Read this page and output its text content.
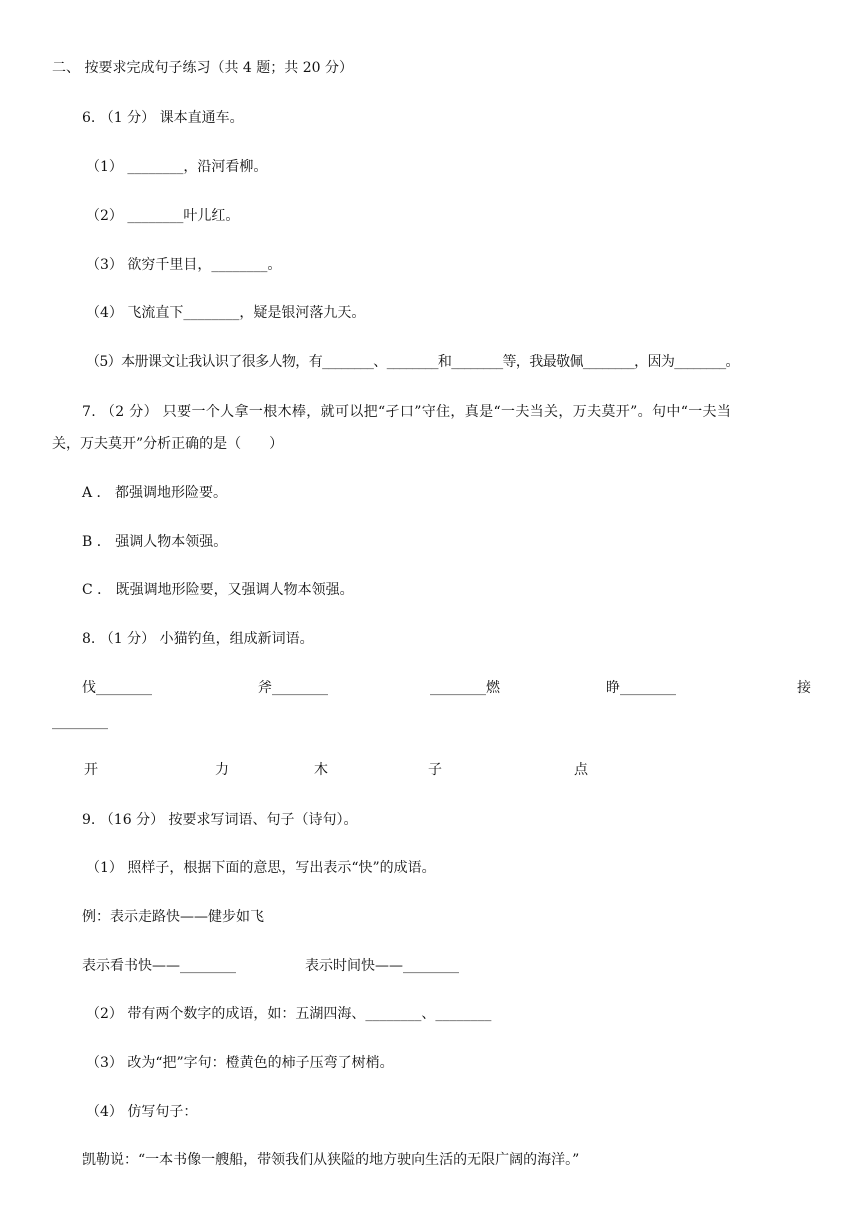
二、 按要求完成句子练习（共 4 题；共 20 分）
6. （1 分） 课本直通车。
（1） ________，沿河看柳。
（2） ________叶儿红。
（3） 欲穷千里目，________。
（4） 飞流直下________，疑是银河落九天。
（5）本册课文让我认识了很多人物，有________、________和________等，我最敬佩________，因为________。
7. （2 分） 只要一个人拿一根木棒，就可以把“孑口”守住，真是“一夫当关，万夫莫开”。句中“一夫当
关，万夫莫开”分析正确的是（　　）
A ． 都强调地形险要。
B ． 强调人物本领强。
C ． 既强调地形险要，又强调人物本领强。
8. （1 分） 小猫钓鱼，组成新词语。
伐________	斧________	________燃	睁________	接
________
开	力	木	子	点
9. （16 分） 按要求写词语、句子（诗句）。
（1） 照样子，根据下面的意思，写出表示“快”的成语。
例：表示走路快——健步如飞
表示看书快——________	表示时间快——________
（2） 带有两个数字的成语，如：五湖四海、________、________
（3） 改为“把”字句：橙黄色的柿子压弯了树梢。
（4） 仿写句子：
凯勒说：“一本书像一艘船，带领我们从狭隘的地方驶向生活的无限广阔的海洋。”
